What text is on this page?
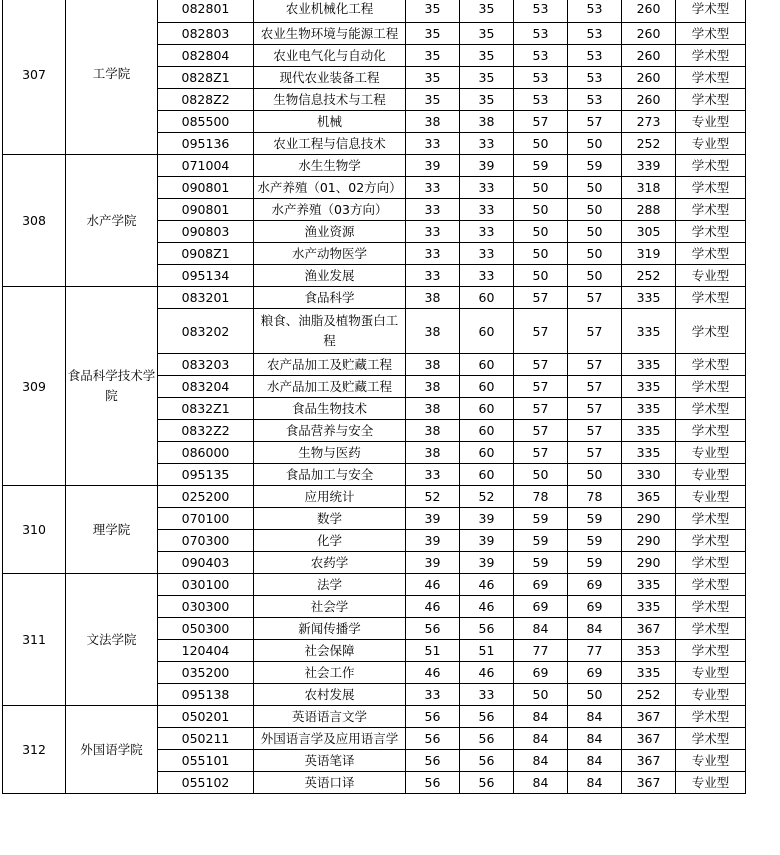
307	工学院	082801	农业机械化工程	35	35	53	53	260	学术型
		082803	农业生物环境与能源工程	35	35	53	53	260	学术型
		082804	农业电气化与自动化	35	35	53	53	260	学术型
		0828Z1	现代农业装备工程	35	35	53	53	260	学术型
		0828Z2	生物信息技术与工程	35	35	53	53	260	学术型
		085500	机械	38	38	57	57	273	专业型
		095136	农业工程与信息技术	33	33	50	50	252	专业型
308	水产学院	071004	水生生物学	39	39	59	59	339	学术型
		090801	水产养殖（01、02方向）	33	33	50	50	318	学术型
		090801	水产养殖（03方向）	33	33	50	50	288	学术型
		090803	渔业资源	33	33	50	50	305	学术型
		0908Z1	水产动物医学	33	33	50	50	319	学术型
		095134	渔业发展	33	33	50	50	252	专业型
309	食品科学技术学院	083201	食品科学	38	60	57	57	335	学术型
		083202	粮食、油脂及植物蛋白工程	38	60	57	57	335	学术型
		083203	农产品加工及贮藏工程	38	60	57	57	335	学术型
		083204	水产品加工及贮藏工程	38	60	57	57	335	学术型
		0832Z1	食品生物技术	38	60	57	57	335	学术型
		0832Z2	食品营养与安全	38	60	57	57	335	学术型
		086000	生物与医药	38	60	57	57	335	专业型
		095135	食品加工与安全	33	60	50	50	330	专业型
310	理学院	025200	应用统计	52	52	78	78	365	专业型
		070100	数学	39	39	59	59	290	学术型
		070300	化学	39	39	59	59	290	学术型
		090403	农药学	39	39	59	59	290	学术型
311	文法学院	030100	法学	46	46	69	69	335	学术型
		030300	社会学	46	46	69	69	335	学术型
		050300	新闻传播学	56	56	84	84	367	学术型
		120404	社会保障	51	51	77	77	353	学术型
		035200	社会工作	46	46	69	69	335	专业型
		095138	农村发展	33	33	50	50	252	专业型
312	外国语学院	050201	英语语言文学	56	56	84	84	367	学术型
		050211	外国语言学及应用语言学	56	56	84	84	367	学术型
		055101	英语笔译	56	56	84	84	367	专业型
		055102	英语口译	56	56	84	84	367	专业型
